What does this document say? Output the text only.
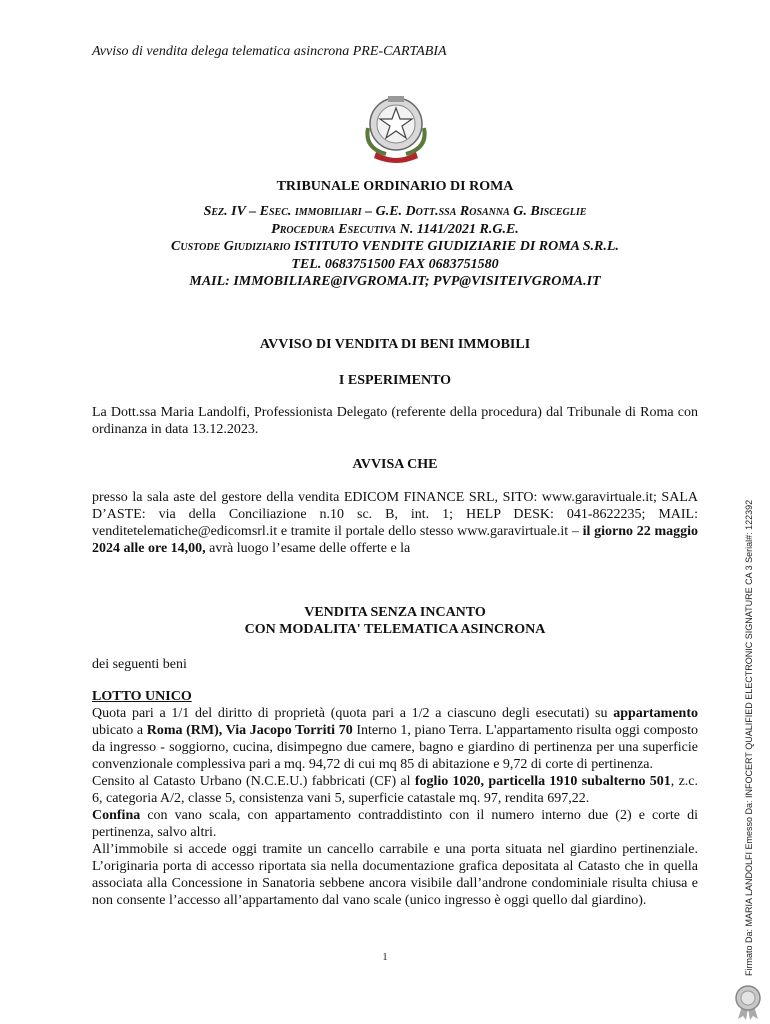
Avviso di vendita delega telematica asincrona PRE-CARTABIA
TRIBUNALE ORDINARIO DI ROMA
Sez. IV – Esec. immobiliari – G.E. Dott.ssa Rosanna G. Bisceglie
Procedura Esecutiva N. 1141/2021 R.G.E.
Custode Giudiziario ISTITUTO VENDITE GIUDIZIARIE DI ROMA S.R.L.
TEL. 0683751500 FAX 0683751580
MAIL: IMMOBILIARE@IVGROMA.IT; PVP@VISITEIVGROMA.IT
AVVISO DI VENDITA DI BENI IMMOBILI
I ESPERIMENTO
La Dott.ssa Maria Landolfi, Professionista Delegato (referente della procedura) dal Tribunale di Roma con ordinanza in data 13.12.2023.
AVVISA CHE
presso la sala aste del gestore della vendita EDICOM FINANCE SRL, SITO: www.garavirtuale.it; SALA D’ASTE: via della Conciliazione n.10 sc. B, int. 1; HELP DESK: 041-8622235; MAIL: venditetelematiche@edicomsrl.it e tramite il portale dello stesso www.garavirtuale.it – il giorno 22 maggio 2024 alle ore 14,00, avrà luogo l’esame delle offerte e la
VENDITA SENZA INCANTO
CON MODALITA' TELEMATICA ASINCRONA
dei seguenti beni
LOTTO UNICO
Quota pari a 1/1 del diritto di proprietà (quota pari a 1/2 a ciascuno degli esecutati) su appartamento ubicato a Roma (RM), Via Jacopo Torriti 70 Interno 1, piano Terra. L'appartamento risulta oggi composto da ingresso - soggiorno, cucina, disimpegno due camere, bagno e giardino di pertinenza per una superficie convenzionale complessiva pari a mq. 94,72 di cui mq 85 di abitazione e 9,72 di corte di pertinenza.
Censito al Catasto Urbano (N.C.E.U.) fabbricati (CF) al foglio 1020, particella 1910 subalterno 501, z.c. 6, categoria A/2, classe 5, consistenza vani 5, superficie catastale mq. 97, rendita 697,22.
Confina con vano scala, con appartamento contraddistinto con il numero interno due (2) e corte di pertinenza, salvo altri.
All’immobile si accede oggi tramite un cancello carrabile e una porta situata nel giardino pertinenziale. L’originaria porta di accesso riportata sia nella documentazione grafica depositata al Catasto che in quella associata alla Concessione in Sanatoria sebbene ancora visibile dall’androne condominiale risulta chiusa e non consente l’accesso all’appartamento dal vano scale (unico ingresso è oggi quello dal giardino).
1	Firmato Da: MARIA LANDOLFI Emesso Da: INFOCERT QUALIFIED ELECTRONIC SIGNATURE CA 3 Serial#: 122392
